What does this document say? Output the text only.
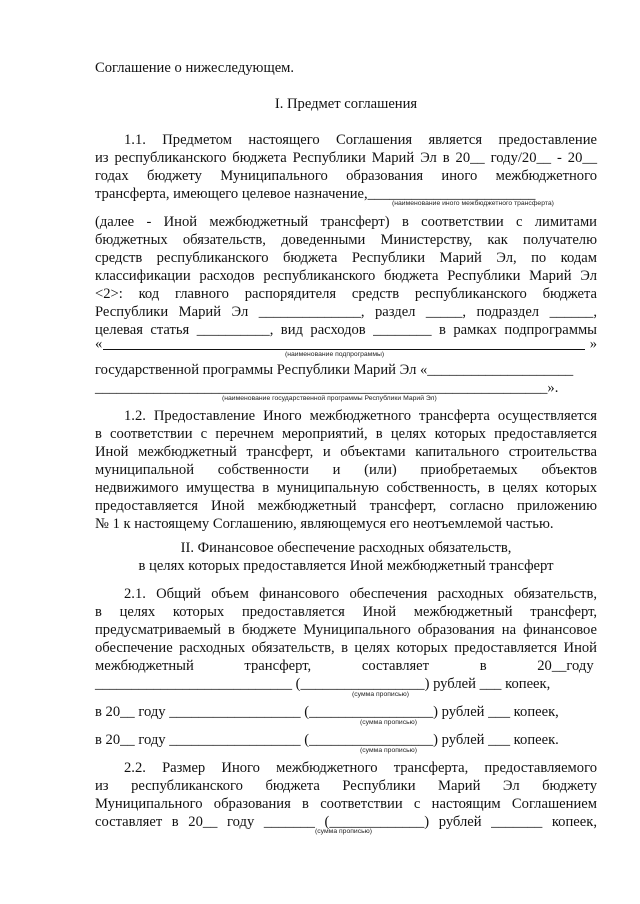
Соглашение о нижеследующем.
I. Предмет соглашения
1.1. Предметом настоящего Соглашения является предоставление
из республиканского бюджета Республики Марий Эл в 20__ году/20__ - 20__
годах бюджету Муниципального образования иного межбюджетного
трансферта, имеющего целевое назначение,_______________________
(наименование иного межбюджетного трансферта)
(далее - Иной межбюджетный трансферт) в соответствии с лимитами
бюджетных обязательств, доведенными Министерству, как получателю
средств республиканского бюджета Республики Марий Эл, по кодам
классификации расходов республиканского бюджета Республики Марий Эл
<2>: код главного распорядителя средств республиканского бюджета
Республики Марий Эл ______________, раздел _____, подраздел ______,
целевая статья __________, вид расходов ________ в рамках подпрограммы
«	»
(наименование подпрограммы)
государственной программы Республики Марий Эл «____________________
______________________________________________________________».
(наименование государственной программы Республики Марий Эл)
1.2. Предоставление Иного межбюджетного трансферта осуществляется
в соответствии с перечнем мероприятий, в целях которых предоставляется
Иной межбюджетный трансферт, и объектами капитального строительства
муниципальной собственности и (или) приобретаемых объектов
недвижимого имущества в муниципальную собственность, в целях которых
предоставляется Иной межбюджетный трансферт, согласно приложению
№ 1 к настоящему Соглашению, являющемуся его неотъемлемой частью.
II. Финансовое обеспечение расходных обязательств,
в целях которых предоставляется Иной межбюджетный трансферт
2.1. Общий объем финансового обеспечения расходных обязательств,
в целях которых предоставляется Иной межбюджетный трансферт,
предусматриваемый в бюджете Муниципального образования на финансовое
обеспечение расходных обязательств, в целях которых предоставляется Иной
межбюджетный трансферт, составляет в 20__году
___________________________ (_________________) рублей ___ копеек,
(сумма прописью)
в 20__ году __________________ (_________________) рублей ___ копеек,
(сумма прописью)
в 20__ году __________________ (_________________) рублей ___ копеек.
(сумма прописью)
2.2. Размер Иного межбюджетного трансферта, предоставляемого
из республиканского бюджета Республики Марий Эл бюджету
Муниципального образования в соответствии с настоящим Соглашением
составляет в 20__ году _______ (_____________) рублей _______ копеек,
(сумма прописью)
